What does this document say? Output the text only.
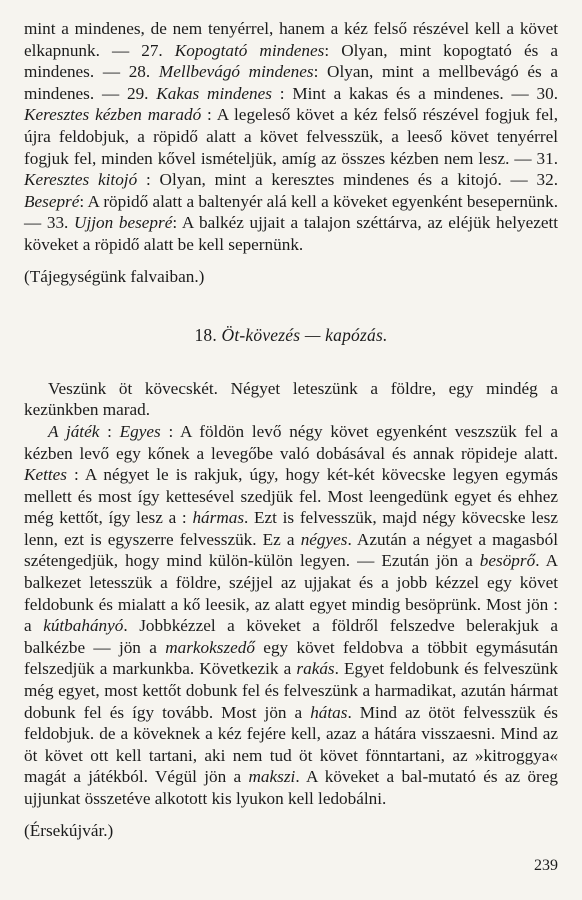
mint a mindenes, de nem tenyérrel, hanem a kéz felső részével kell a követ elkapnunk. — 27. Kopogtató mindenes: Olyan, mint kopogtató és a mindenes. — 28. Mellbevágó mindenes: Olyan, mint a mellbevágó és a mindenes. — 29. Kakas mindenes : Mint a kakas és a mindenes. — 30. Keresztes kézben maradó : A legeleső követ a kéz felső részével fogjuk fel, újra feldobjuk, a röpidő alatt a követ felvesszük, a leeső követ tenyérrel fogjuk fel, minden kővel ismételjük, amíg az összes kézben nem lesz. — 31. Keresztes kitojó : Olyan, mint a keresztes mindenes és a kitojó. — 32. Besepré: A röpidő alatt a baltenyér alá kell a köveket egyenként besepernünk. — 33. Ujjon besepré: A balkéz ujjait a talajon széttárva, az eléjük helyezett köveket a röpidő alatt be kell sepernünk.

(Tájegységünk falvaiban.)

18. Öt-kövezés — kapózás.

Veszünk öt kövecskét. Négyet leteszünk a földre, egy mindég a kezünkben marad.

A játék : Egyes : A földön levő négy követ egyenként veszszük fel a kézben levő egy kőnek a levegőbe való dobásával és annak röpideje alatt. Kettes : A négyet le is rakjuk, úgy, hogy két-két kövecske legyen egymás mellett és most így kettesével szedjük fel. Most leengedünk egyet és ehhez még kettőt, így lesz a : hármas. Ezt is felvesszük, majd négy kövecske lesz lenn, ezt is egyszerre felvesszük. Ez a négyes. Azután a négyet a magasból szétengedjük, hogy mind külön-külön legyen. — Ezután jön a besöprő. A balkezet letesszük a földre, széjjel az ujjakat és a jobb kézzel egy követ feldobunk és mialatt a kő leesik, az alatt egyet mindig besöprünk. Most jön : a kútbahányó. Jobbkézzel a köveket a földről felszedve belerakjuk a balkézbe — jön a markokszedő egy követ feldobva a többit egymásután felszedjük a markunkba. Következik a rakás. Egyet feldobunk és felveszünk még egyet, most kettőt dobunk fel és felveszünk a harmadikat, azután hármat dobunk fel és így tovább. Most jön a hátas. Mind az ötöt felvesszük és feldobjuk. de a köveknek a kéz fejére kell, azaz a hátára visszaesni. Mind az öt követ ott kell tartani, aki nem tud öt követ fönntartani, az »kitroggya« magát a játékból. Végül jön a makszi. A köveket a bal-mutató és az öreg ujjunkat összetéve alkotott kis lyukon kell ledobálni.

(Érsekújvár.)

239
